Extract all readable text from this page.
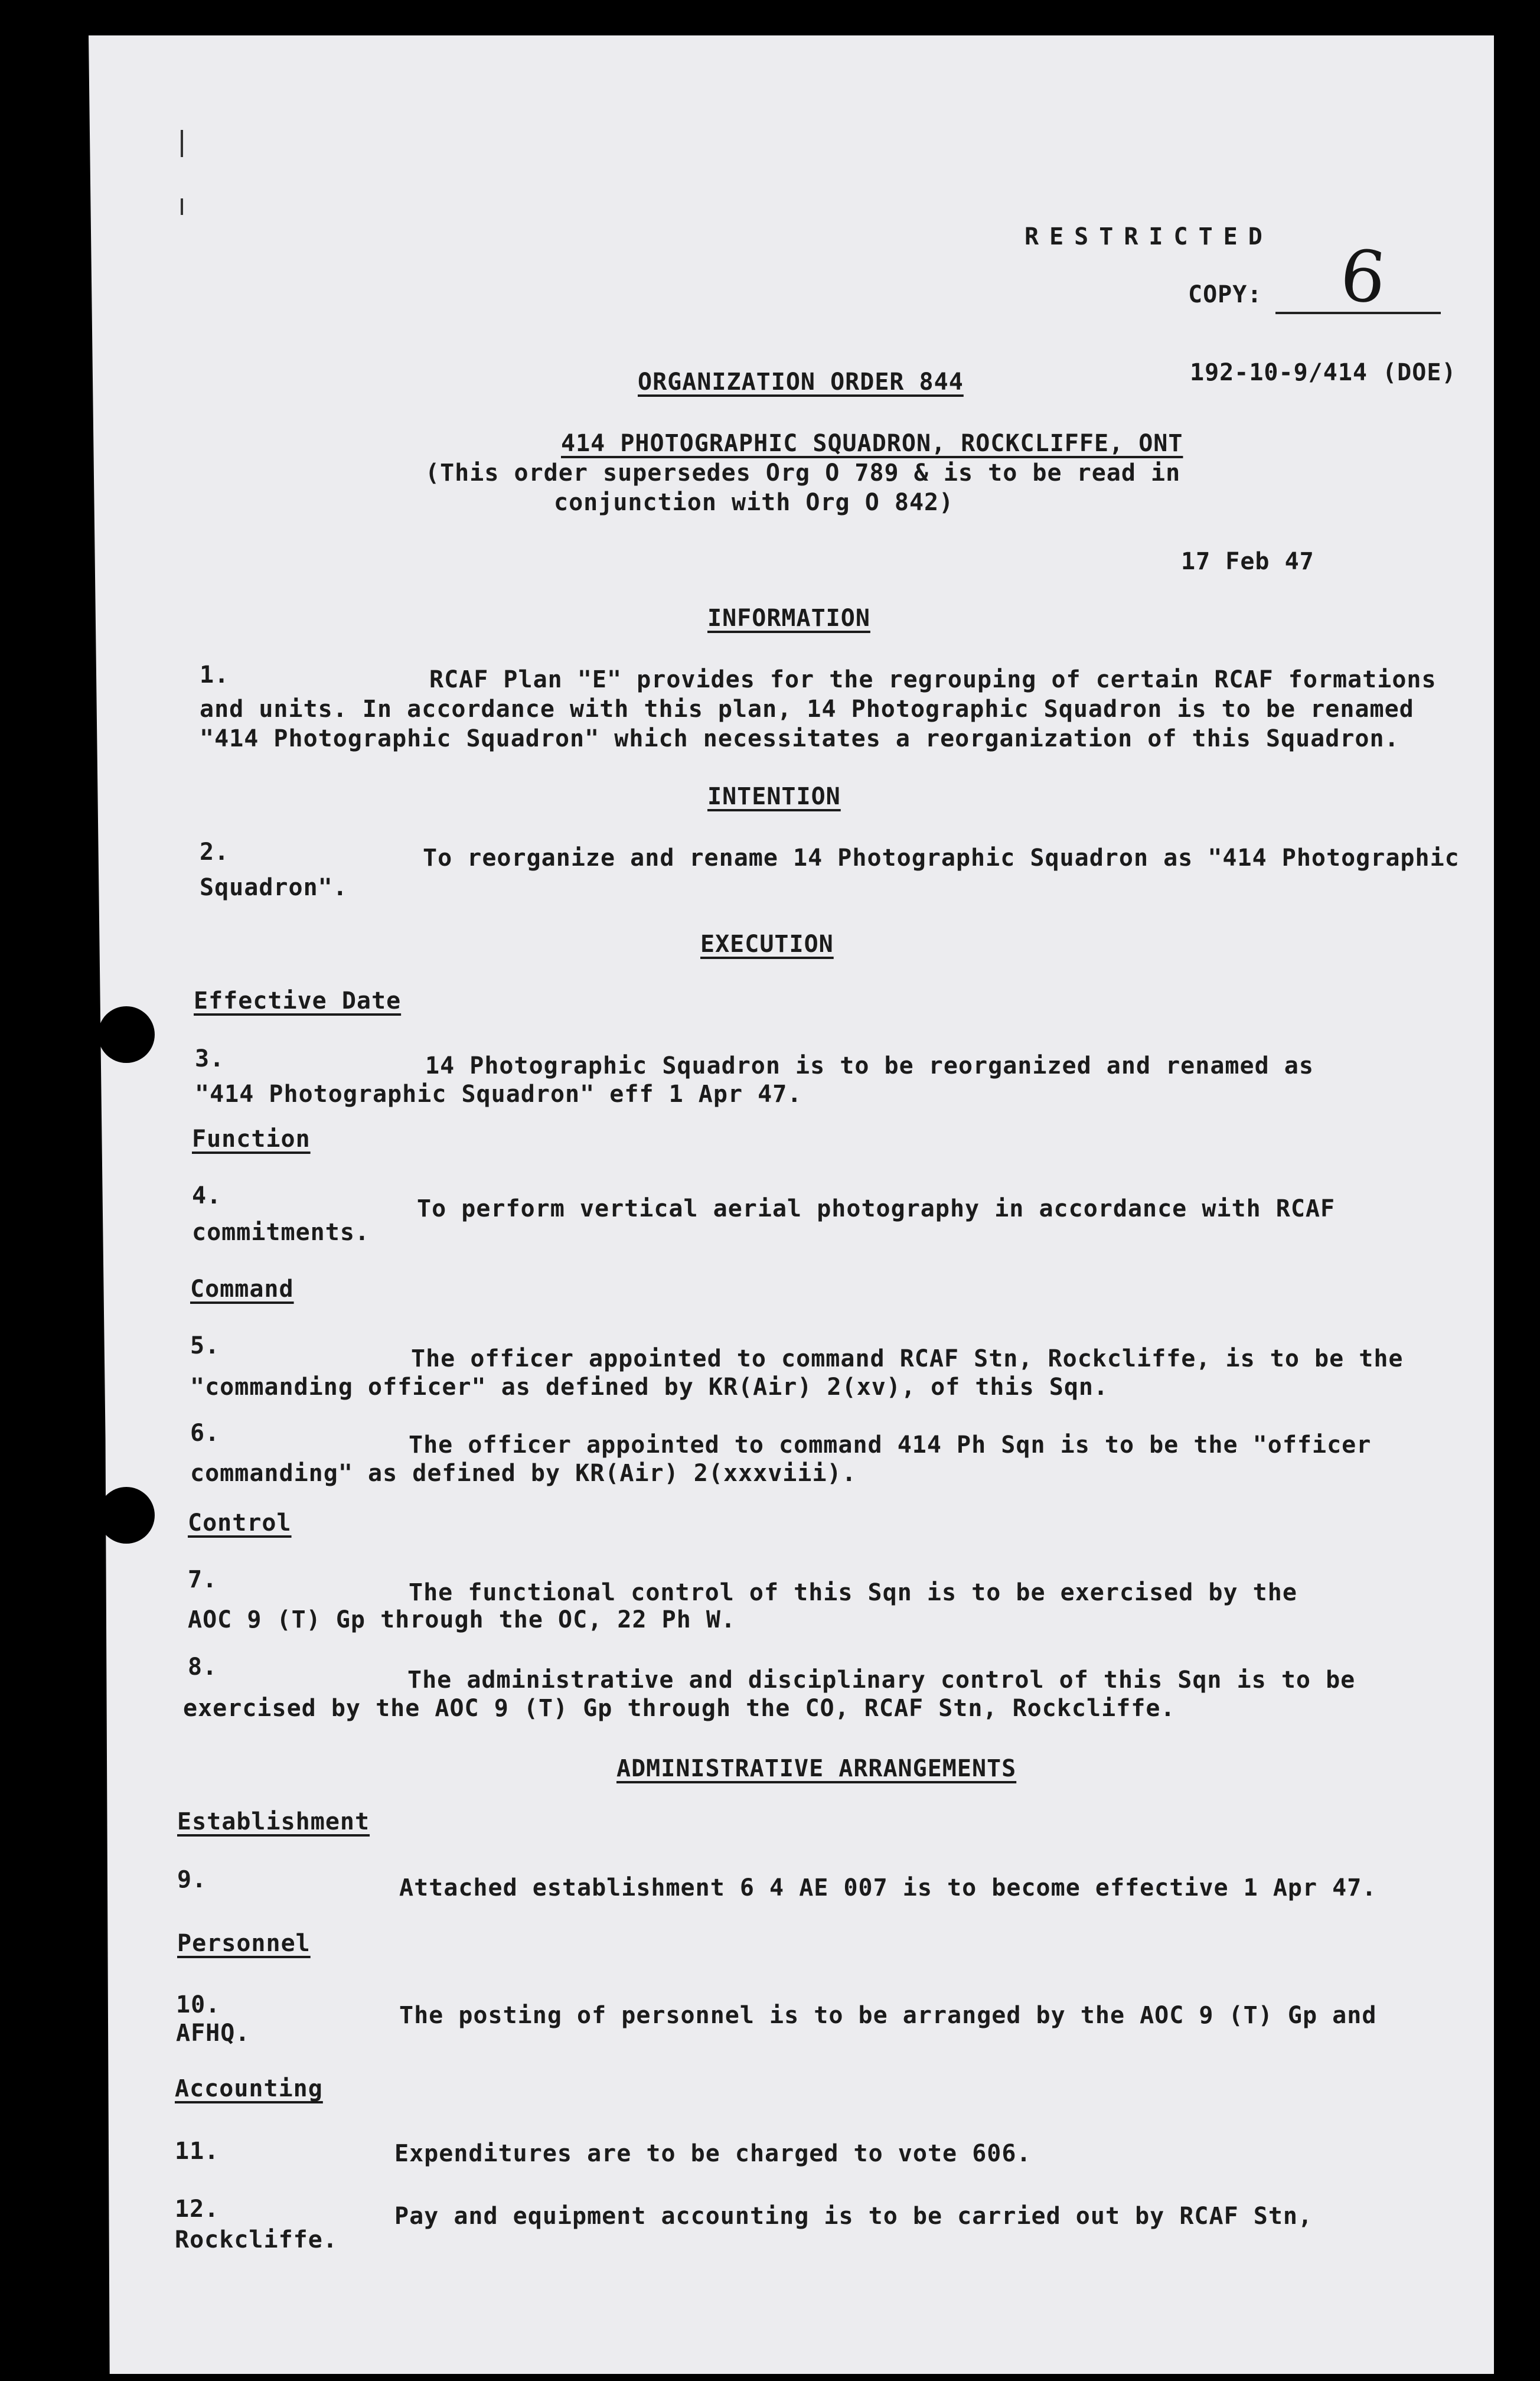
RESTRICTED
COPY: 6
192-10-9/414 (DOE)
ORGANIZATION ORDER 844
414 PHOTOGRAPHIC SQUADRON, ROCKCLIFFE, ONT
(This order supersedes Org O 789 & is to be read in
conjunction with Org O 842)
17 Feb 47
INFORMATION
1.	RCAF Plan "E" provides for the regrouping of certain RCAF formations
and units. In accordance with this plan, 14 Photographic Squadron is to be renamed
"414 Photographic Squadron" which necessitates a reorganization of this Squadron.
INTENTION
2.	To reorganize and rename 14 Photographic Squadron as "414 Photographic
Squadron".
EXECUTION
Effective Date
3.	14 Photographic Squadron is to be reorganized and renamed as
"414 Photographic Squadron" eff 1 Apr 47.
Function
4.	To perform vertical aerial photography in accordance with RCAF
commitments.
Command
5.	The officer appointed to command RCAF Stn, Rockcliffe, is to be the
"commanding officer" as defined by KR(Air) 2(xv), of this Sqn.
6.	The officer appointed to command 414 Ph Sqn is to be the "officer
commanding" as defined by KR(Air) 2(xxxviii).
Control
7.	The functional control of this Sqn is to be exercised by the
AOC 9 (T) Gp through the OC, 22 Ph W.
8.	The administrative and disciplinary control of this Sqn is to be
exercised by the AOC 9 (T) Gp through the CO, RCAF Stn, Rockcliffe.
ADMINISTRATIVE ARRANGEMENTS
Establishment
9.	Attached establishment 6 4 AE 007 is to become effective 1 Apr 47.
Personnel
10.	The posting of personnel is to be arranged by the AOC 9 (T) Gp and
AFHQ.
Accounting
11.	Expenditures are to be charged to vote 606.
12.	Pay and equipment accounting is to be carried out by RCAF Stn,
Rockcliffe.
